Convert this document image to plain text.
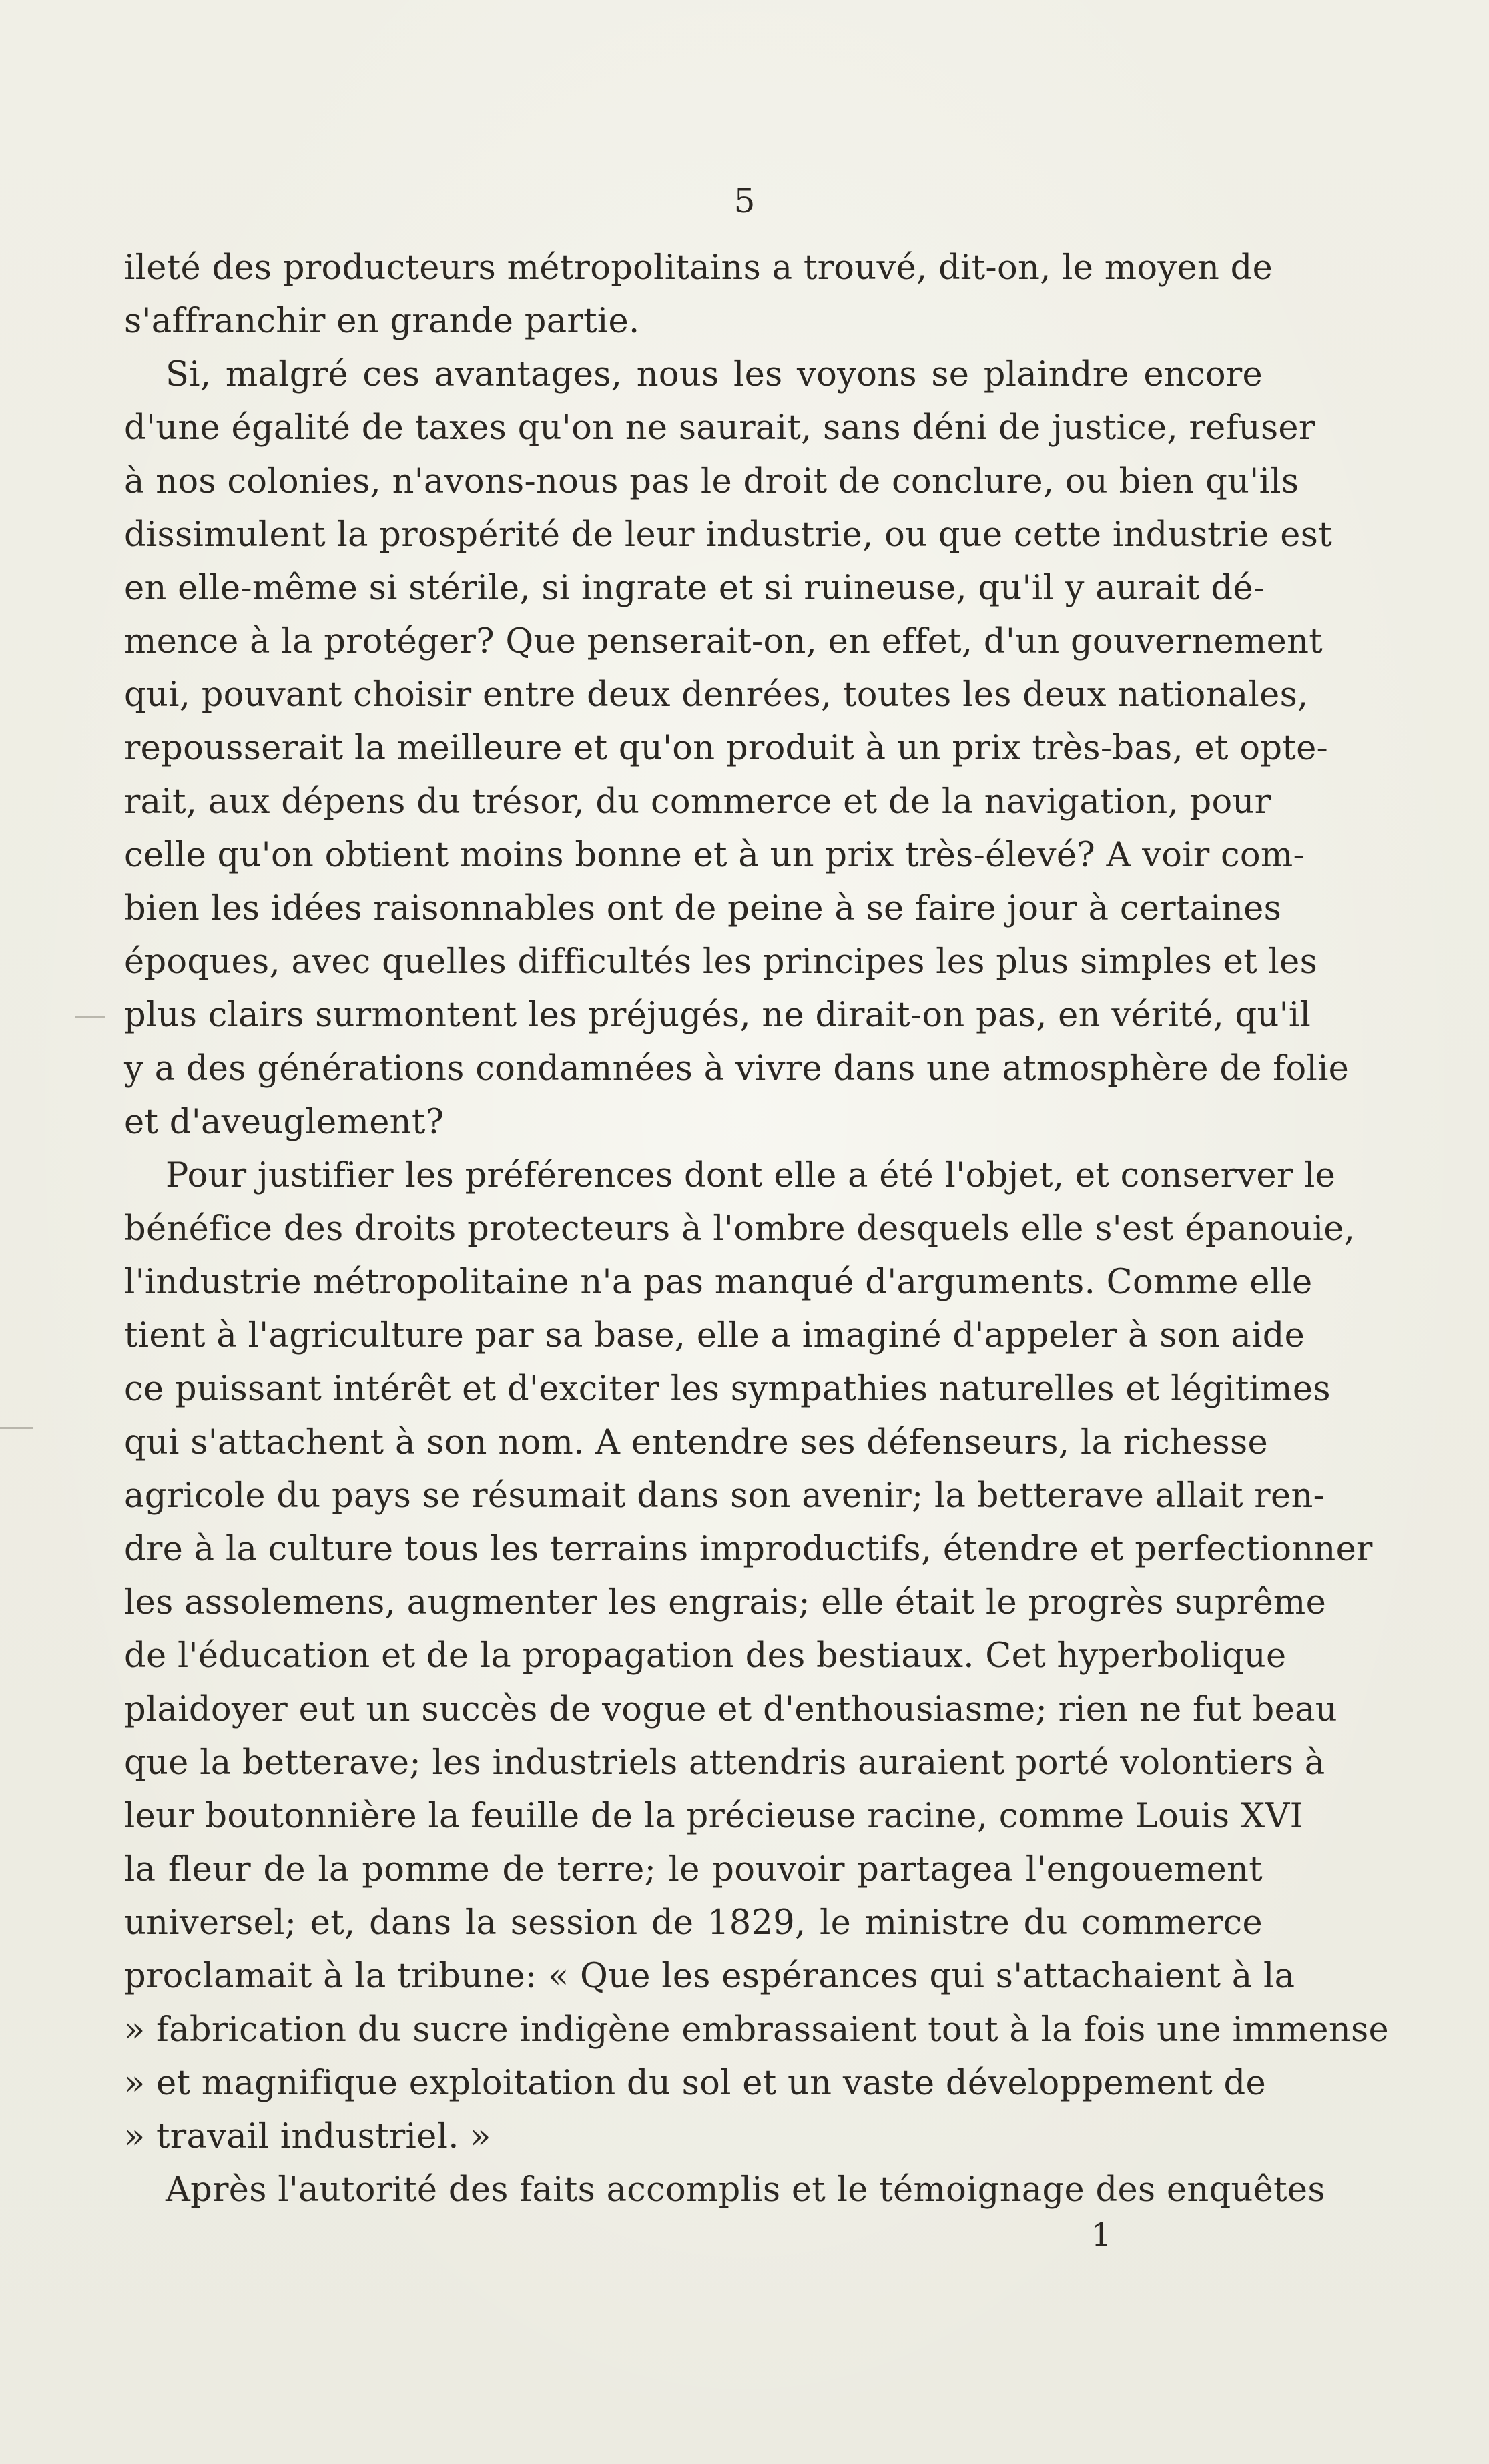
5
ileté des producteurs métropolitains a trouvé, dit-on, le moyen de
s'affranchir en grande partie.
Si, malgré ces avantages, nous les voyons se plaindre encore
d'une égalité de taxes qu'on ne saurait, sans déni de justice, refuser
à nos colonies, n'avons-nous pas le droit de conclure, ou bien qu'ils
dissimulent la prospérité de leur industrie, ou que cette industrie est
en elle-même si stérile, si ingrate et si ruineuse, qu'il y aurait dé-
mence à la protéger? Que penserait-on, en effet, d'un gouvernement
qui, pouvant choisir entre deux denrées, toutes les deux nationales,
repousserait la meilleure et qu'on produit à un prix très-bas, et opte-
rait, aux dépens du trésor, du commerce et de la navigation, pour
celle qu'on obtient moins bonne et à un prix très-élevé? A voir com-
bien les idées raisonnables ont de peine à se faire jour à certaines
époques, avec quelles difficultés les principes les plus simples et les
plus clairs surmontent les préjugés, ne dirait-on pas, en vérité, qu'il
y a des générations condamnées à vivre dans une atmosphère de folie
et d'aveuglement?
Pour justifier les préférences dont elle a été l'objet, et conserver le
bénéfice des droits protecteurs à l'ombre desquels elle s'est épanouie,
l'industrie métropolitaine n'a pas manqué d'arguments. Comme elle
tient à l'agriculture par sa base, elle a imaginé d'appeler à son aide
ce puissant intérêt et d'exciter les sympathies naturelles et légitimes
qui s'attachent à son nom. A entendre ses défenseurs, la richesse
agricole du pays se résumait dans son avenir; la betterave allait ren-
dre à la culture tous les terrains improductifs, étendre et perfectionner
les assolemens, augmenter les engrais; elle était le progrès suprême
de l'éducation et de la propagation des bestiaux. Cet hyperbolique
plaidoyer eut un succès de vogue et d'enthousiasme; rien ne fut beau
que la betterave; les industriels attendris auraient porté volontiers à
leur boutonnière la feuille de la précieuse racine, comme Louis XVI
la fleur de la pomme de terre; le pouvoir partagea l'engouement
universel; et, dans la session de 1829, le ministre du commerce
proclamait à la tribune: « Que les espérances qui s'attachaient à la
» fabrication du sucre indigène embrassaient tout à la fois une immense
» et magnifique exploitation du sol et un vaste développement de
» travail industriel. »
Après l'autorité des faits accomplis et le témoignage des enquêtes
1
